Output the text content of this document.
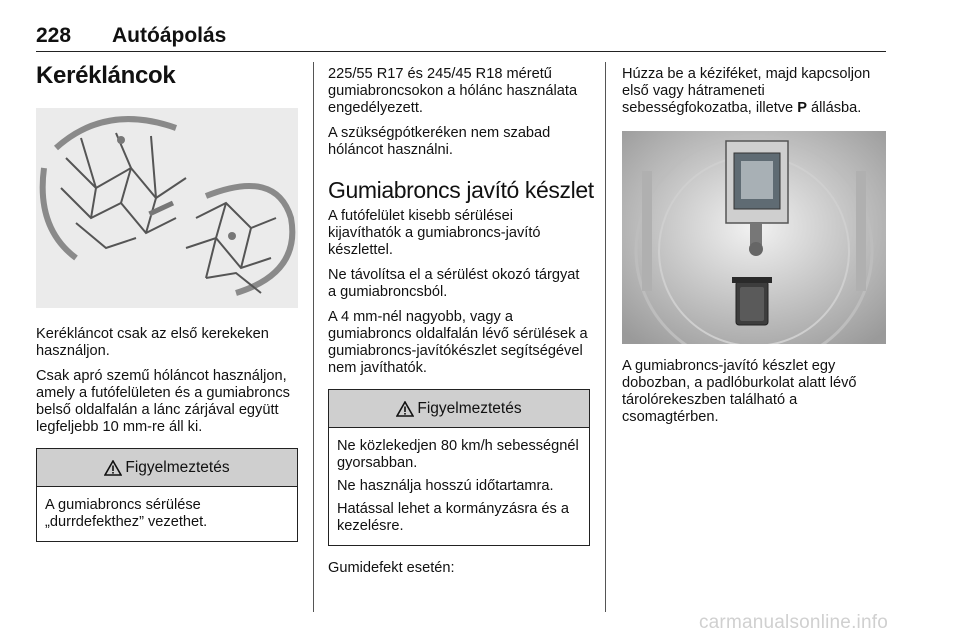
228 Autóápolás
Kerékláncok

Kerékláncot csak az első kerekeken használjon.

Csak apró szemű hóláncot használjon, amely a futófelületen és a gumiabroncs belső oldalfalán a lánc zárjával együtt legfeljebb 10 mm-re áll ki.

Figyelmeztetés

A gumiabroncs sérülése „durrdefekthez” vezethet.

225/55 R17 és 245/45 R18 méretű gumiabroncsokon a hólánc használata engedélyezett.

A szükségpótkeréken nem szabad hóláncot használni.

Gumiabroncs javító készlet

A futófelület kisebb sérülései kijavíthatók a gumiabroncs-javító készlettel.

Ne távolítsa el a sérülést okozó tárgyat a gumiabroncsból.

A 4 mm-nél nagyobb, vagy a gumiabroncs oldalfalán lévő sérülések a gumiabroncs-javítókészlet segítségével nem javíthatók.

Figyelmeztetés

Ne közlekedjen 80 km/h sebességnél gyorsabban.

Ne használja hosszú időtartamra.

Hatással lehet a kormányzásra és a kezelésre.

Gumidefekt esetén:

Húzza be a kéziféket, majd kapcsoljon első vagy hátrameneti sebességfokozatba, illetve P állásba.

A gumiabroncs-javító készlet egy dobozban, a padlóburkolat alatt lévő tárolórekeszben található a csomagtérben.

carmanualsonline.info
